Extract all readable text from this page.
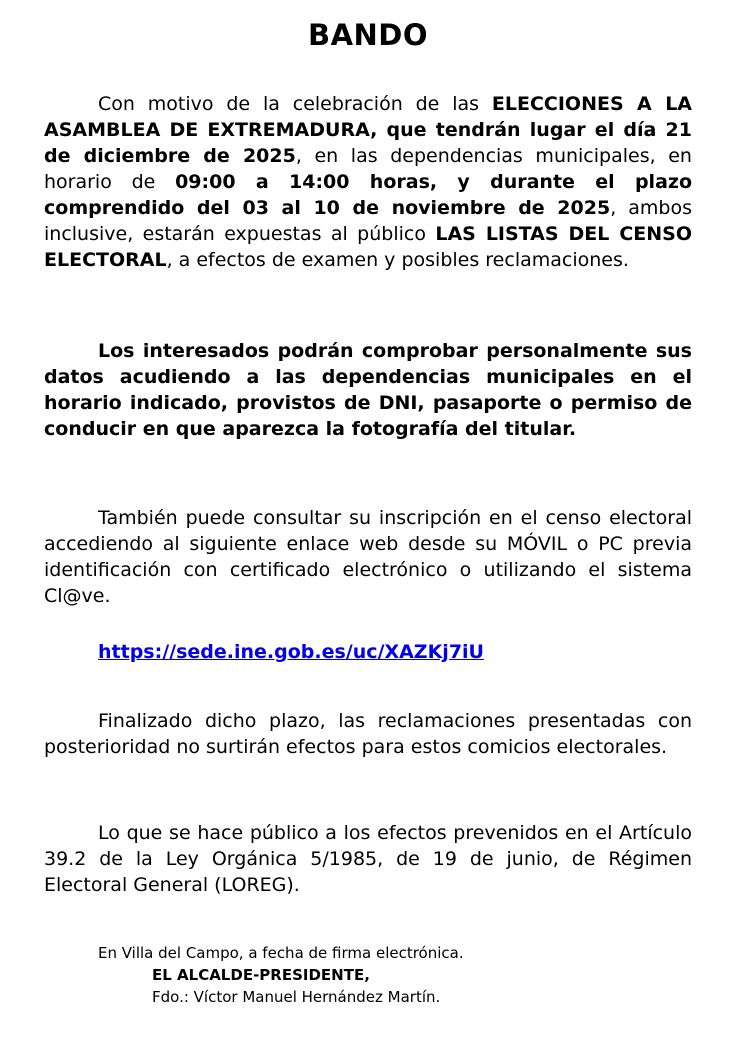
BANDO
Con motivo de la celebración de las ELECCIONES A LA ASAMBLEA DE EXTREMADURA, que tendrán lugar el día 21 de diciembre de 2025, en las dependencias municipales, en horario de 09:00 a 14:00 horas, y durante el plazo comprendido del 03 al 10 de noviembre de 2025, ambos inclusive, estarán expuestas al público LAS LISTAS DEL CENSO ELECTORAL, a efectos de examen y posibles reclamaciones.
Los interesados podrán comprobar personalmente sus datos acudiendo a las dependencias municipales en el horario indicado, provistos de DNI, pasaporte o permiso de conducir en que aparezca la fotografía del titular.
También puede consultar su inscripción en el censo electoral accediendo al siguiente enlace web desde su MÓVIL o PC previa identificación con certificado electrónico o utilizando el sistema Cl@ve.
https://sede.ine.gob.es/uc/XAZKj7iU
Finalizado dicho plazo, las reclamaciones presentadas con posterioridad no surtirán efectos para estos comicios electorales.
Lo que se hace público a los efectos prevenidos en el Artículo 39.2 de la Ley Orgánica 5/1985, de 19 de junio, de Régimen Electoral General (LOREG).
En Villa del Campo, a fecha de firma electrónica.
EL ALCALDE-PRESIDENTE,
Fdo.: Víctor Manuel Hernández Martín.
